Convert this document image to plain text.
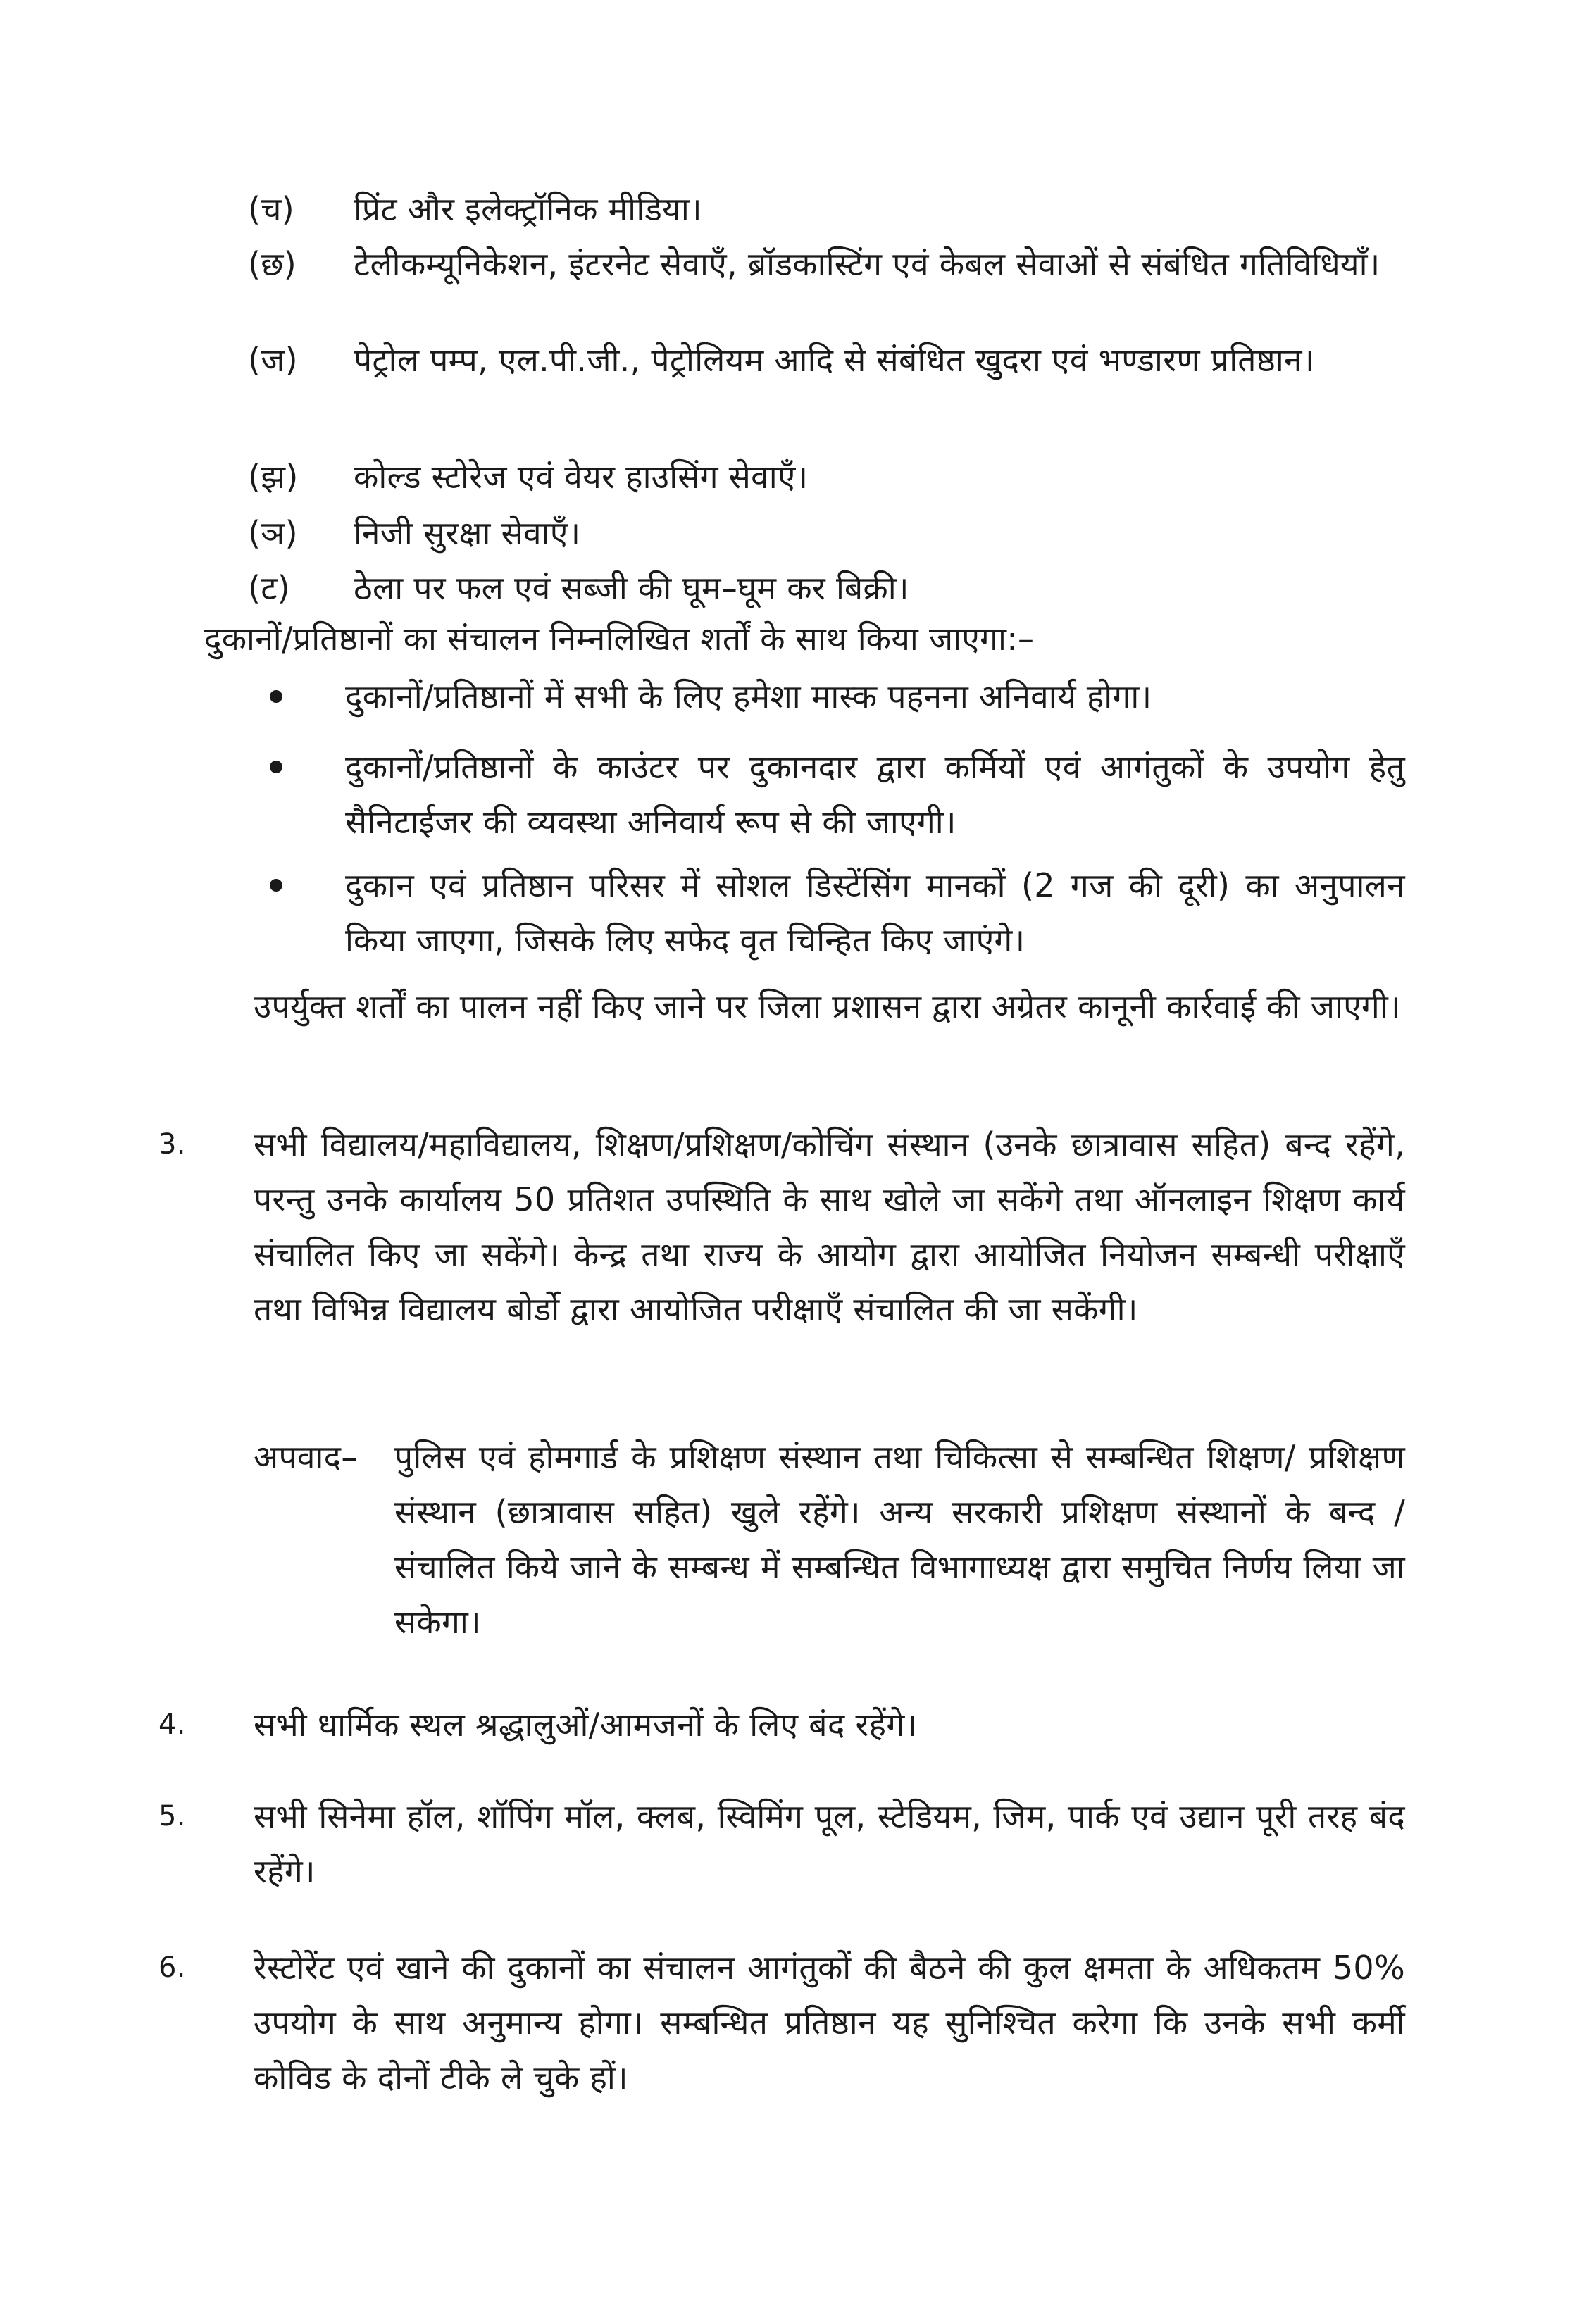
(च)	प्रिंट और इलेक्ट्रॉनिक मीडिया।
(छ)	टेलीकम्यूनिकेशन, इंटरनेट सेवाएँ, ब्रॉडकास्टिंग एवं केबल सेवाओं से संबंधित गतिविधियाँ।
(ज)	पेट्रोल पम्प, एल.पी.जी., पेट्रोलियम आदि से संबंधित खुदरा एवं भण्डारण प्रतिष्ठान।
(झ)	कोल्ड स्टोरेज एवं वेयर हाउसिंग सेवाएँ।
(ञ)	निजी सुरक्षा सेवाएँ।
(ट)	ठेला पर फल एवं सब्जी की घूम–घूम कर बिक्री।
दुकानों/प्रतिष्ठानों का संचालन निम्नलिखित शर्तों के साथ किया जाएगा:–
दुकानों/प्रतिष्ठानों में सभी के लिए हमेशा मास्क पहनना अनिवार्य होगा।
दुकानों/प्रतिष्ठानों के काउंटर पर दुकानदार द्वारा कर्मियों एवं आगंतुकों के उपयोग हेतु सैनिटाईजर की व्यवस्था अनिवार्य रूप से की जाएगी।
दुकान एवं प्रतिष्ठान परिसर में सोशल डिस्टेंसिंग मानकों (2 गज की दूरी) का अनुपालन किया जाएगा, जिसके लिए सफेद वृत चिन्हित किए जाएंगे।
उपर्युक्त शर्तों का पालन नहीं किए जाने पर जिला प्रशासन द्वारा अग्रेतर कानूनी कार्रवाई की जाएगी।
3.	सभी विद्यालय/महाविद्यालय, शिक्षण/प्रशिक्षण/कोचिंग संस्थान (उनके छात्रावास सहित) बन्द रहेंगे, परन्तु उनके कार्यालय 50 प्रतिशत उपस्थिति के साथ खोले जा सकेंगे तथा ऑनलाइन शिक्षण कार्य संचालित किए जा सकेंगे। केन्द्र तथा राज्य के आयोग द्वारा आयोजित नियोजन सम्बन्धी परीक्षाएँ तथा विभिन्न विद्यालय बोर्डो द्वारा आयोजित परीक्षाएँ संचालित की जा सकेंगी।
अपवाद– पुलिस एवं होमगार्ड के प्रशिक्षण संस्थान तथा चिकित्सा से सम्बन्धित शिक्षण/ प्रशिक्षण संस्थान (छात्रावास सहित) खुले रहेंगे। अन्य सरकारी प्रशिक्षण संस्थानों के बन्द /संचालित किये जाने के सम्बन्ध में सम्बन्धित विभागाध्यक्ष द्वारा समुचित निर्णय लिया जा सकेगा।
4.	सभी धार्मिक स्थल श्रद्धालुओं/आमजनों के लिए बंद रहेंगे।
5.	सभी सिनेमा हॉल, शॉपिंग मॉल, क्लब, स्विमिंग पूल, स्टेडियम, जिम, पार्क एवं उद्यान पूरी तरह बंद रहेंगे।
6.	रेस्टोरेंट एवं खाने की दुकानों का संचालन आगंतुकों की बैठने की कुल क्षमता के अधिकतम 50% उपयोग के साथ अनुमान्य होगा। सम्बन्धित प्रतिष्ठान यह सुनिश्चित करेगा कि उनके सभी कर्मी कोविड के दोनों टीके ले चुके हों।
